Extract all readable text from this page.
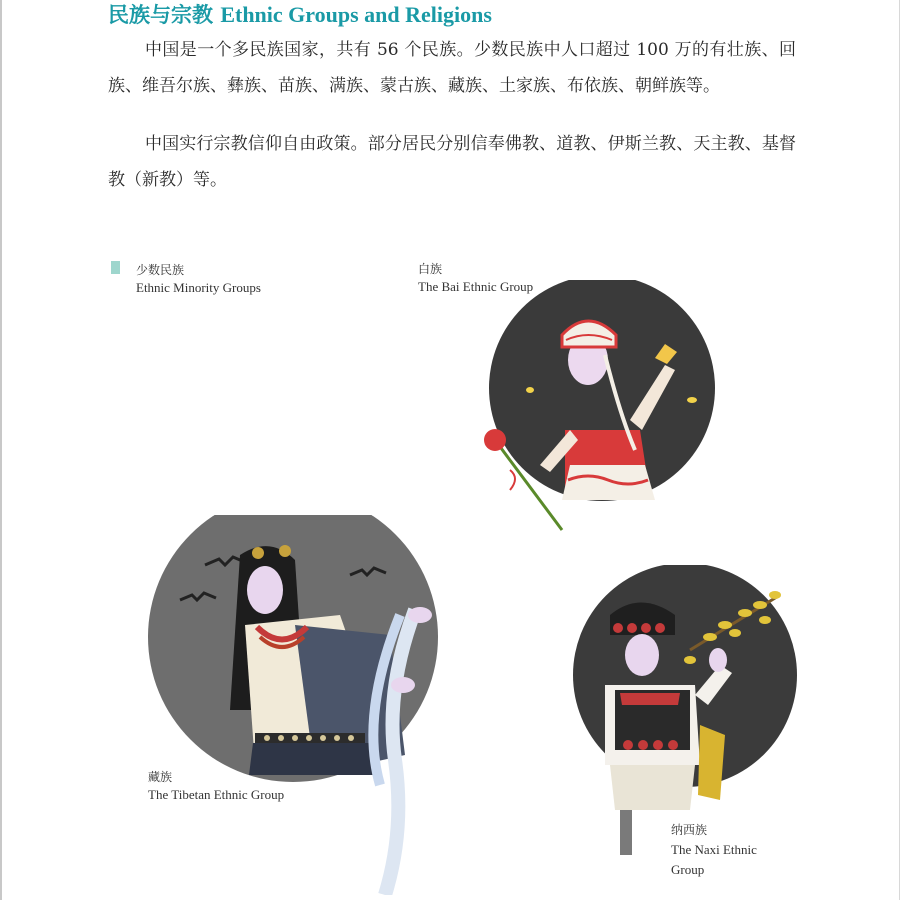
民族与宗教 Ethnic Groups and Religions

中国是一个多民族国家，共有 56 个民族。少数民族中人口超过 100 万的有壮族、回族、维吾尔族、彝族、苗族、满族、蒙古族、藏族、土家族、布依族、朝鲜族等。

中国实行宗教信仰自由政策。部分居民分别信奉佛教、道教、伊斯兰教、天主教、基督教（新教）等。

少数民族
Ethnic Minority Groups
白族
The Bai Ethnic Group
藏族
The Tibetan Ethnic Group
纳西族
The Naxi Ethnic
Group
